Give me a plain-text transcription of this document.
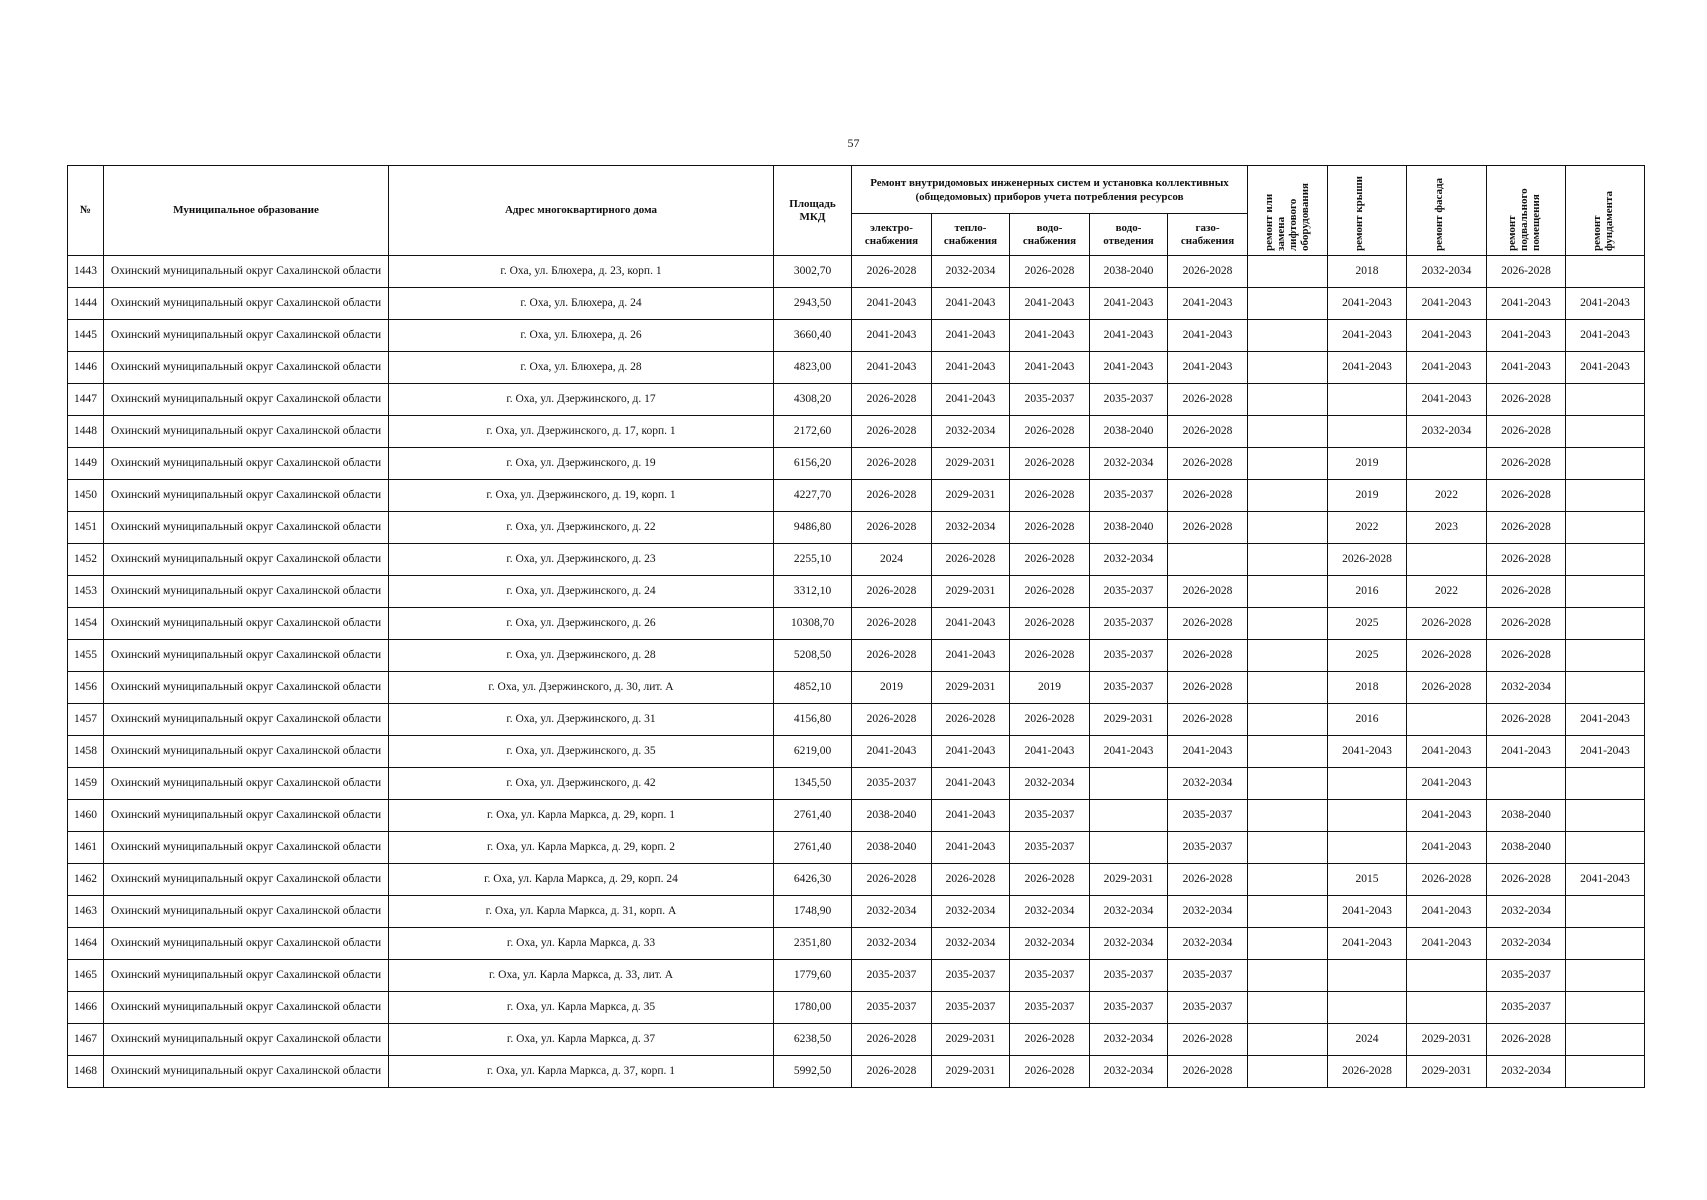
57
№	Муниципальное образование	Адрес многоквартирного дома	Площадь МКД	Ремонт внутридомовых инженерных систем и установка коллективных (общедомовых) приборов учета потребления ресурсов					ремонт или замена лифтового оборудования	ремонт крыши	ремонт фасада	ремонт подвального помещения	ремонт фундамента
				электро-снабжения	тепло-снабжения	водо-снабжения	водо-отведения	газо-снабжения					
1443	Охинский муниципальный округ Сахалинской области	г. Оха, ул. Блюхера, д. 23, корп. 1	3002,70	2026-2028	2032-2034	2026-2028	2038-2040	2026-2028		2018	2032-2034	2026-2028	
1444	Охинский муниципальный округ Сахалинской области	г. Оха, ул. Блюхера, д. 24	2943,50	2041-2043	2041-2043	2041-2043	2041-2043	2041-2043		2041-2043	2041-2043	2041-2043	2041-2043
1445	Охинский муниципальный округ Сахалинской области	г. Оха, ул. Блюхера, д. 26	3660,40	2041-2043	2041-2043	2041-2043	2041-2043	2041-2043		2041-2043	2041-2043	2041-2043	2041-2043
1446	Охинский муниципальный округ Сахалинской области	г. Оха, ул. Блюхера, д. 28	4823,00	2041-2043	2041-2043	2041-2043	2041-2043	2041-2043		2041-2043	2041-2043	2041-2043	2041-2043
1447	Охинский муниципальный округ Сахалинской области	г. Оха, ул. Дзержинского, д. 17	4308,20	2026-2028	2041-2043	2035-2037	2035-2037	2026-2028			2041-2043	2026-2028	
1448	Охинский муниципальный округ Сахалинской области	г. Оха, ул. Дзержинского, д. 17, корп. 1	2172,60	2026-2028	2032-2034	2026-2028	2038-2040	2026-2028			2032-2034	2026-2028	
1449	Охинский муниципальный округ Сахалинской области	г. Оха, ул. Дзержинского, д. 19	6156,20	2026-2028	2029-2031	2026-2028	2032-2034	2026-2028		2019		2026-2028	
1450	Охинский муниципальный округ Сахалинской области	г. Оха, ул. Дзержинского, д. 19, корп. 1	4227,70	2026-2028	2029-2031	2026-2028	2035-2037	2026-2028		2019	2022	2026-2028	
1451	Охинский муниципальный округ Сахалинской области	г. Оха, ул. Дзержинского, д. 22	9486,80	2026-2028	2032-2034	2026-2028	2038-2040	2026-2028		2022	2023	2026-2028	
1452	Охинский муниципальный округ Сахалинской области	г. Оха, ул. Дзержинского, д. 23	2255,10	2024	2026-2028	2026-2028	2032-2034			2026-2028		2026-2028	
1453	Охинский муниципальный округ Сахалинской области	г. Оха, ул. Дзержинского, д. 24	3312,10	2026-2028	2029-2031	2026-2028	2035-2037	2026-2028		2016	2022	2026-2028	
1454	Охинский муниципальный округ Сахалинской области	г. Оха, ул. Дзержинского, д. 26	10308,70	2026-2028	2041-2043	2026-2028	2035-2037	2026-2028		2025	2026-2028	2026-2028	
1455	Охинский муниципальный округ Сахалинской области	г. Оха, ул. Дзержинского, д. 28	5208,50	2026-2028	2041-2043	2026-2028	2035-2037	2026-2028		2025	2026-2028	2026-2028	
1456	Охинский муниципальный округ Сахалинской области	г. Оха, ул. Дзержинского, д. 30, лит. А	4852,10	2019	2029-2031	2019	2035-2037	2026-2028		2018	2026-2028	2032-2034	
1457	Охинский муниципальный округ Сахалинской области	г. Оха, ул. Дзержинского, д. 31	4156,80	2026-2028	2026-2028	2026-2028	2029-2031	2026-2028		2016		2026-2028	2041-2043
1458	Охинский муниципальный округ Сахалинской области	г. Оха, ул. Дзержинского, д. 35	6219,00	2041-2043	2041-2043	2041-2043	2041-2043	2041-2043		2041-2043	2041-2043	2041-2043	2041-2043
1459	Охинский муниципальный округ Сахалинской области	г. Оха, ул. Дзержинского, д. 42	1345,50	2035-2037	2041-2043	2032-2034		2032-2034			2041-2043		
1460	Охинский муниципальный округ Сахалинской области	г. Оха, ул. Карла Маркса, д. 29, корп. 1	2761,40	2038-2040	2041-2043	2035-2037		2035-2037			2041-2043	2038-2040	
1461	Охинский муниципальный округ Сахалинской области	г. Оха, ул. Карла Маркса, д. 29, корп. 2	2761,40	2038-2040	2041-2043	2035-2037		2035-2037			2041-2043	2038-2040	
1462	Охинский муниципальный округ Сахалинской области	г. Оха, ул. Карла Маркса, д. 29, корп. 24	6426,30	2026-2028	2026-2028	2026-2028	2029-2031	2026-2028		2015	2026-2028	2026-2028	2041-2043
1463	Охинский муниципальный округ Сахалинской области	г. Оха, ул. Карла Маркса, д. 31, корп. А	1748,90	2032-2034	2032-2034	2032-2034	2032-2034	2032-2034		2041-2043	2041-2043	2032-2034	
1464	Охинский муниципальный округ Сахалинской области	г. Оха, ул. Карла Маркса, д. 33	2351,80	2032-2034	2032-2034	2032-2034	2032-2034	2032-2034		2041-2043	2041-2043	2032-2034	
1465	Охинский муниципальный округ Сахалинской области	г. Оха, ул. Карла Маркса, д. 33, лит. А	1779,60	2035-2037	2035-2037	2035-2037	2035-2037	2035-2037				2035-2037	
1466	Охинский муниципальный округ Сахалинской области	г. Оха, ул. Карла Маркса, д. 35	1780,00	2035-2037	2035-2037	2035-2037	2035-2037	2035-2037				2035-2037	
1467	Охинский муниципальный округ Сахалинской области	г. Оха, ул. Карла Маркса, д. 37	6238,50	2026-2028	2029-2031	2026-2028	2032-2034	2026-2028		2024	2029-2031	2026-2028	
1468	Охинский муниципальный округ Сахалинской области	г. Оха, ул. Карла Маркса, д. 37, корп. 1	5992,50	2026-2028	2029-2031	2026-2028	2032-2034	2026-2028		2026-2028	2029-2031	2032-2034	
